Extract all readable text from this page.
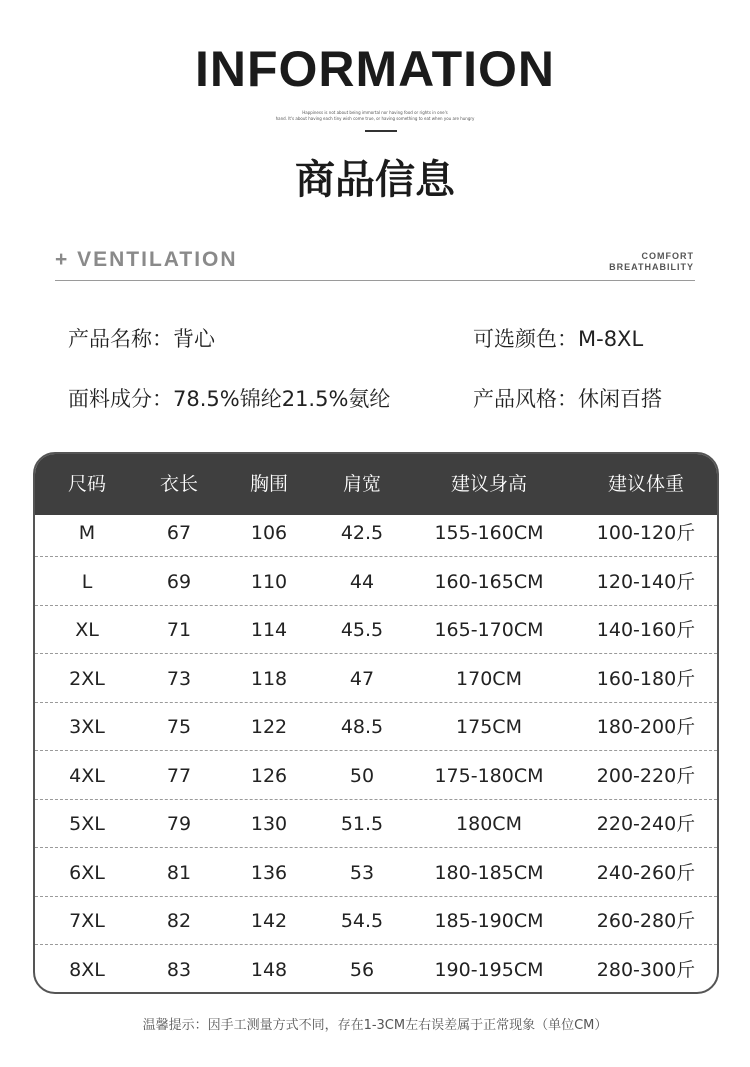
INFORMATION
Happiness is not about being immortal nor having food or rights in one's
hand. It's about having each tiny wish come true, or having something to eat when you are hungry
商品信息
+ VENTILATION	COMFORT
BREATHABILITY
产品名称：背心	可选颜色：M-8XL
面料成分：78.5%锦纶21.5%氨纶	产品风格：休闲百搭
尺码	衣长	胸围	肩宽	建议身高	建议体重
M	67	106	42.5	155-160CM	100-120斤
L	69	110	44	160-165CM	120-140斤
XL	71	114	45.5	165-170CM	140-160斤
2XL	73	118	47	170CM	160-180斤
3XL	75	122	48.5	175CM	180-200斤
4XL	77	126	50	175-180CM	200-220斤
5XL	79	130	51.5	180CM	220-240斤
6XL	81	136	53	180-185CM	240-260斤
7XL	82	142	54.5	185-190CM	260-280斤
8XL	83	148	56	190-195CM	280-300斤
温馨提示：因手工测量方式不同，存在1-3CM左右误差属于正常现象（单位CM）
